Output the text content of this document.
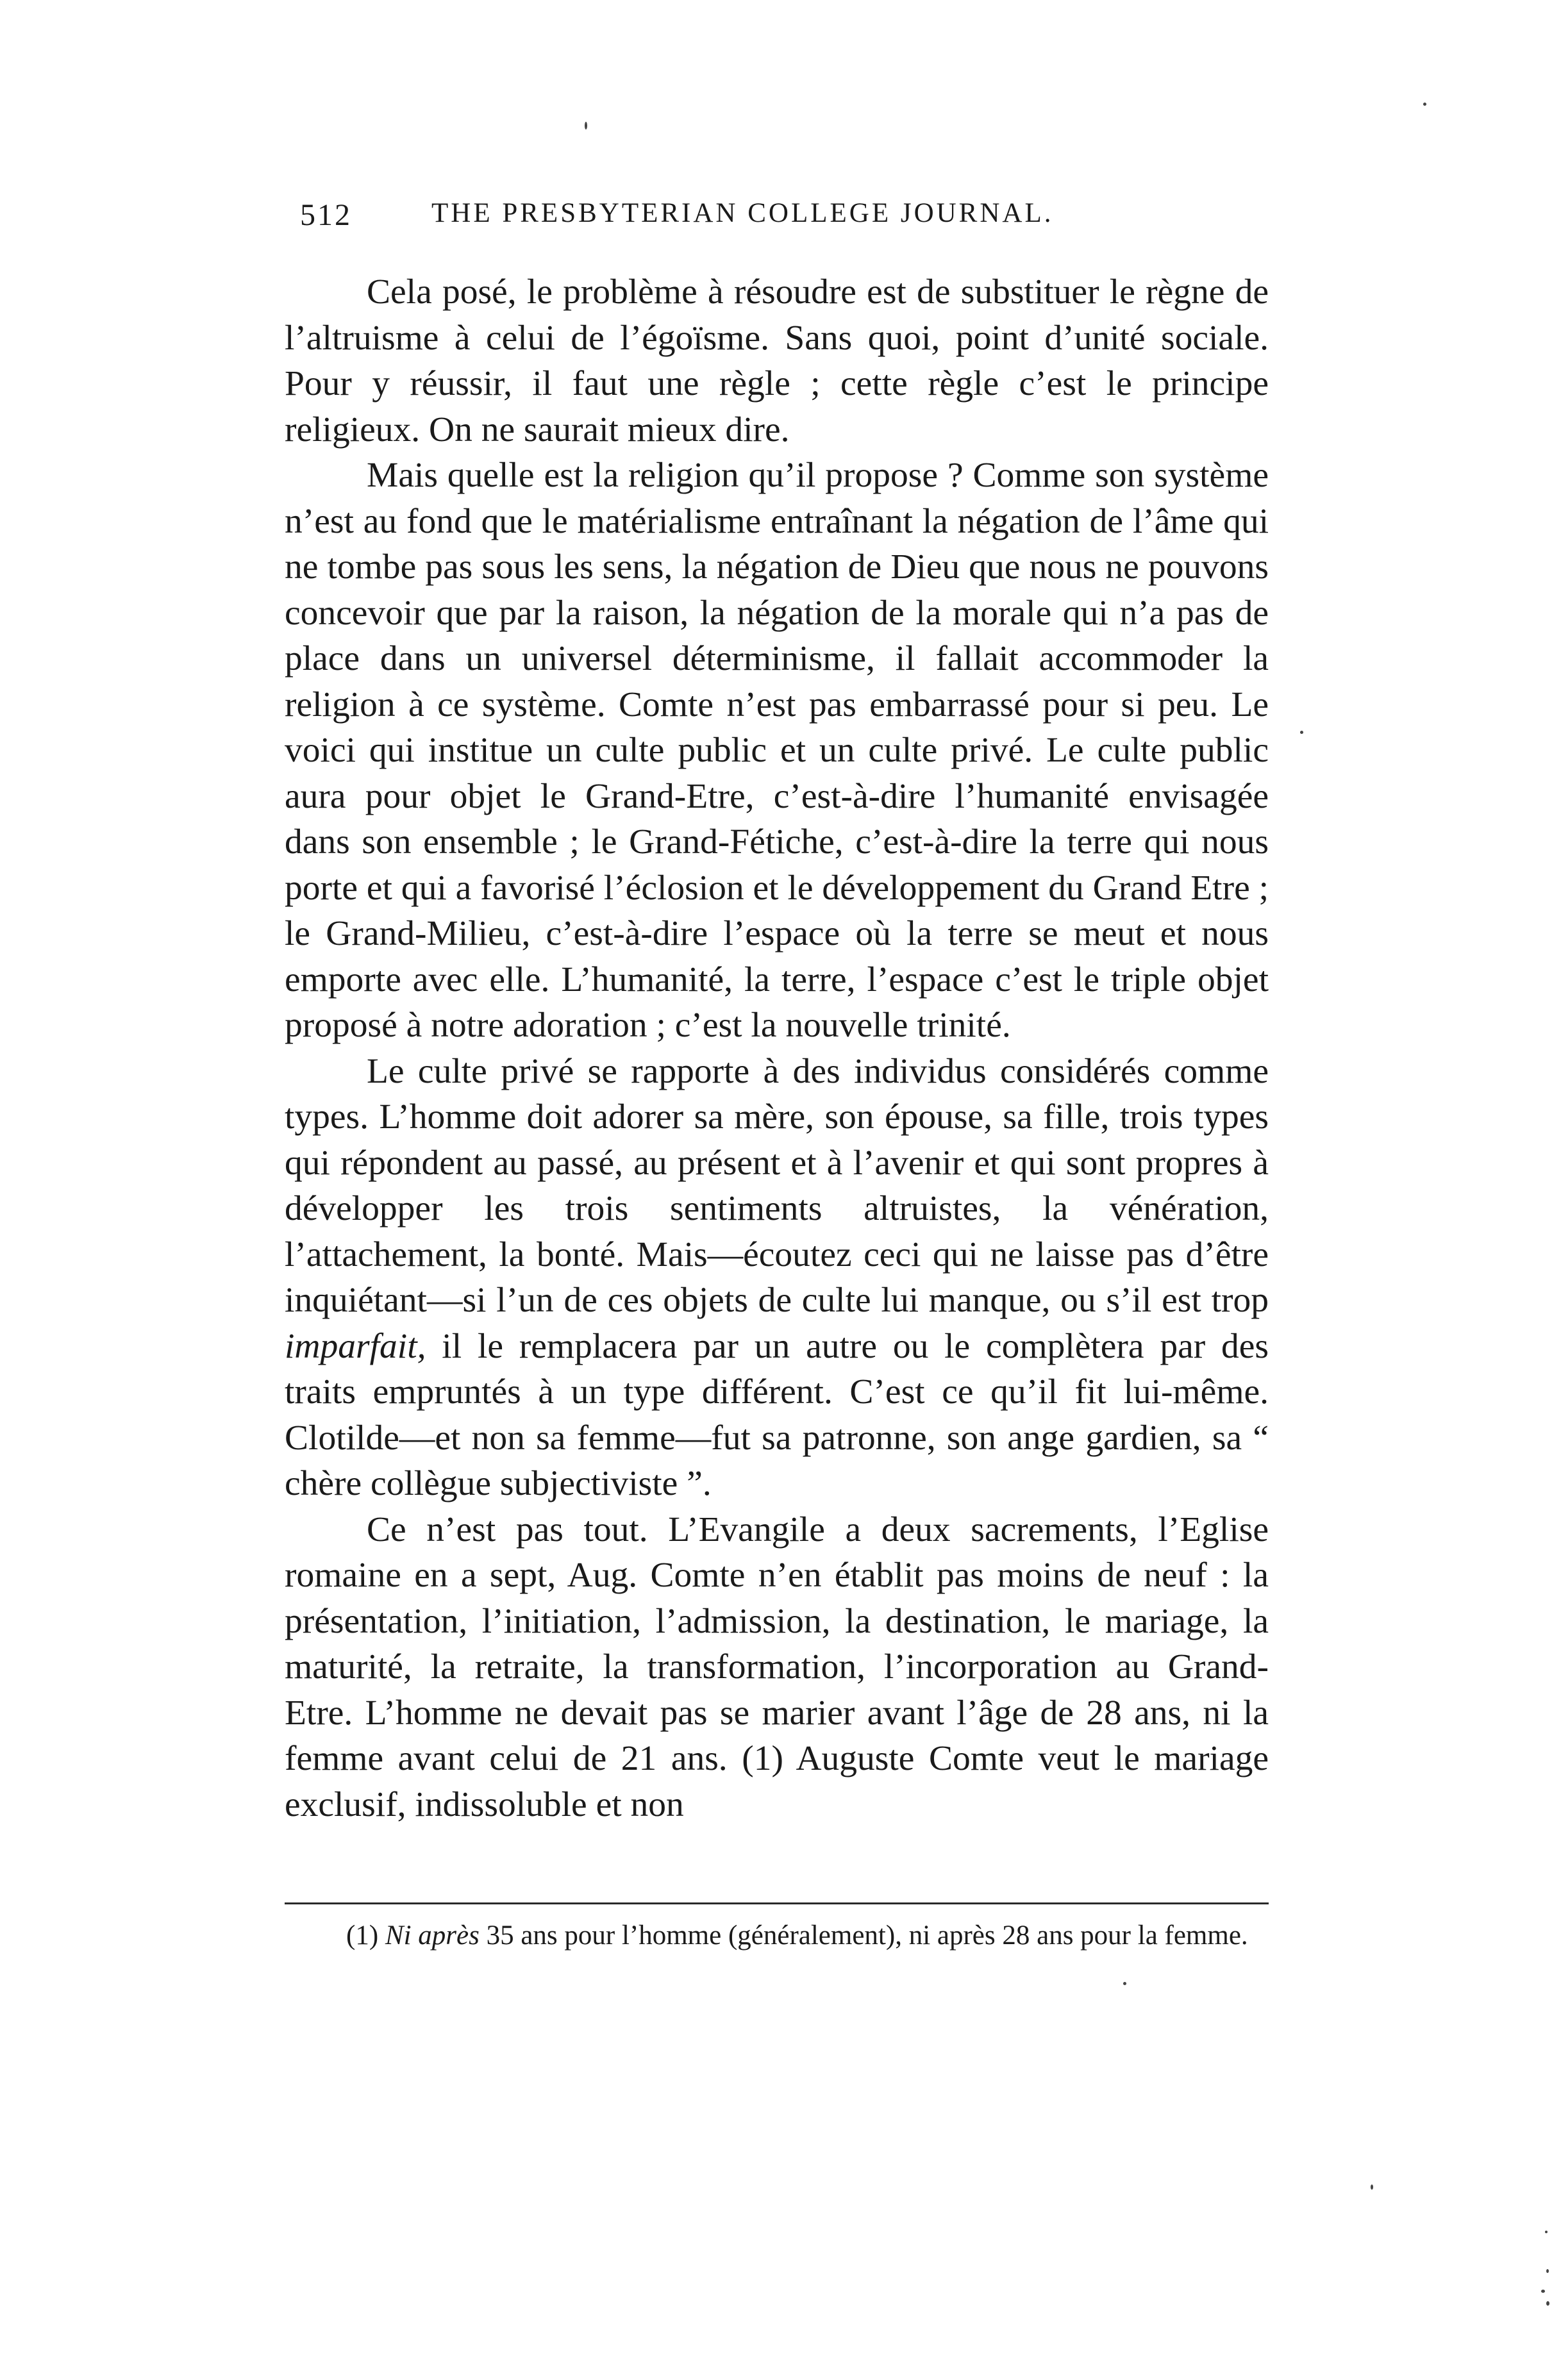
512	THE PRESBYTERIAN COLLEGE JOURNAL.

Cela posé, le problème à résoudre est de substituer le règne de l’altruisme à celui de l’égoïsme. Sans quoi, point d’unité sociale. Pour y réussir, il faut une règle ; cette règle c’est le principe religieux. On ne saurait mieux dire.

Mais quelle est la religion qu’il propose ? Comme son système n’est au fond que le matérialisme entraînant la négation de l’âme qui ne tombe pas sous les sens, la négation de Dieu que nous ne pouvons concevoir que par la raison, la négation de la morale qui n’a pas de place dans un universel déterminisme, il fallait accommoder la religion à ce système. Comte n’est pas embarrassé pour si peu. Le voici qui institue un culte public et un culte privé. Le culte public aura pour objet le Grand-Etre, c’est-à-dire l’humanité envisagée dans son ensemble ; le Grand-Fétiche, c’est-à-dire la terre qui nous porte et qui a favorisé l’éclosion et le développement du Grand Etre ; le Grand-Milieu, c’est-à-dire l’espace où la terre se meut et nous emporte avec elle. L’humanité, la terre, l’espace c’est le triple objet proposé à notre adoration ; c’est la nouvelle trinité.

Le culte privé se rapporte à des individus considérés comme types. L’homme doit adorer sa mère, son épouse, sa fille, trois types qui répondent au passé, au présent et à l’avenir et qui sont propres à développer les trois sentiments altruistes, la vénération, l’attachement, la bonté. Mais—écoutez ceci qui ne laisse pas d’être inquiétant—si l’un de ces objets de culte lui manque, ou s’il est trop imparfait, il le remplacera par un autre ou le complètera par des traits empruntés à un type différent. C’est ce qu’il fit lui-même. Clotilde—et non sa femme—fut sa patronne, son ange gardien, sa “ chère collègue subjectiviste ”.

Ce n’est pas tout. L’Evangile a deux sacrements, l’Eglise romaine en a sept, Aug. Comte n’en établit pas moins de neuf : la présentation, l’initiation, l’admission, la destination, le mariage, la maturité, la retraite, la transformation, l’incorporation au Grand-Etre. L’homme ne devait pas se marier avant l’âge de 28 ans, ni la femme avant celui de 21 ans. (1) Auguste Comte veut le mariage exclusif, indissoluble et non

(1) Ni après 35 ans pour l’homme (généralement), ni après 28 ans pour la femme.
